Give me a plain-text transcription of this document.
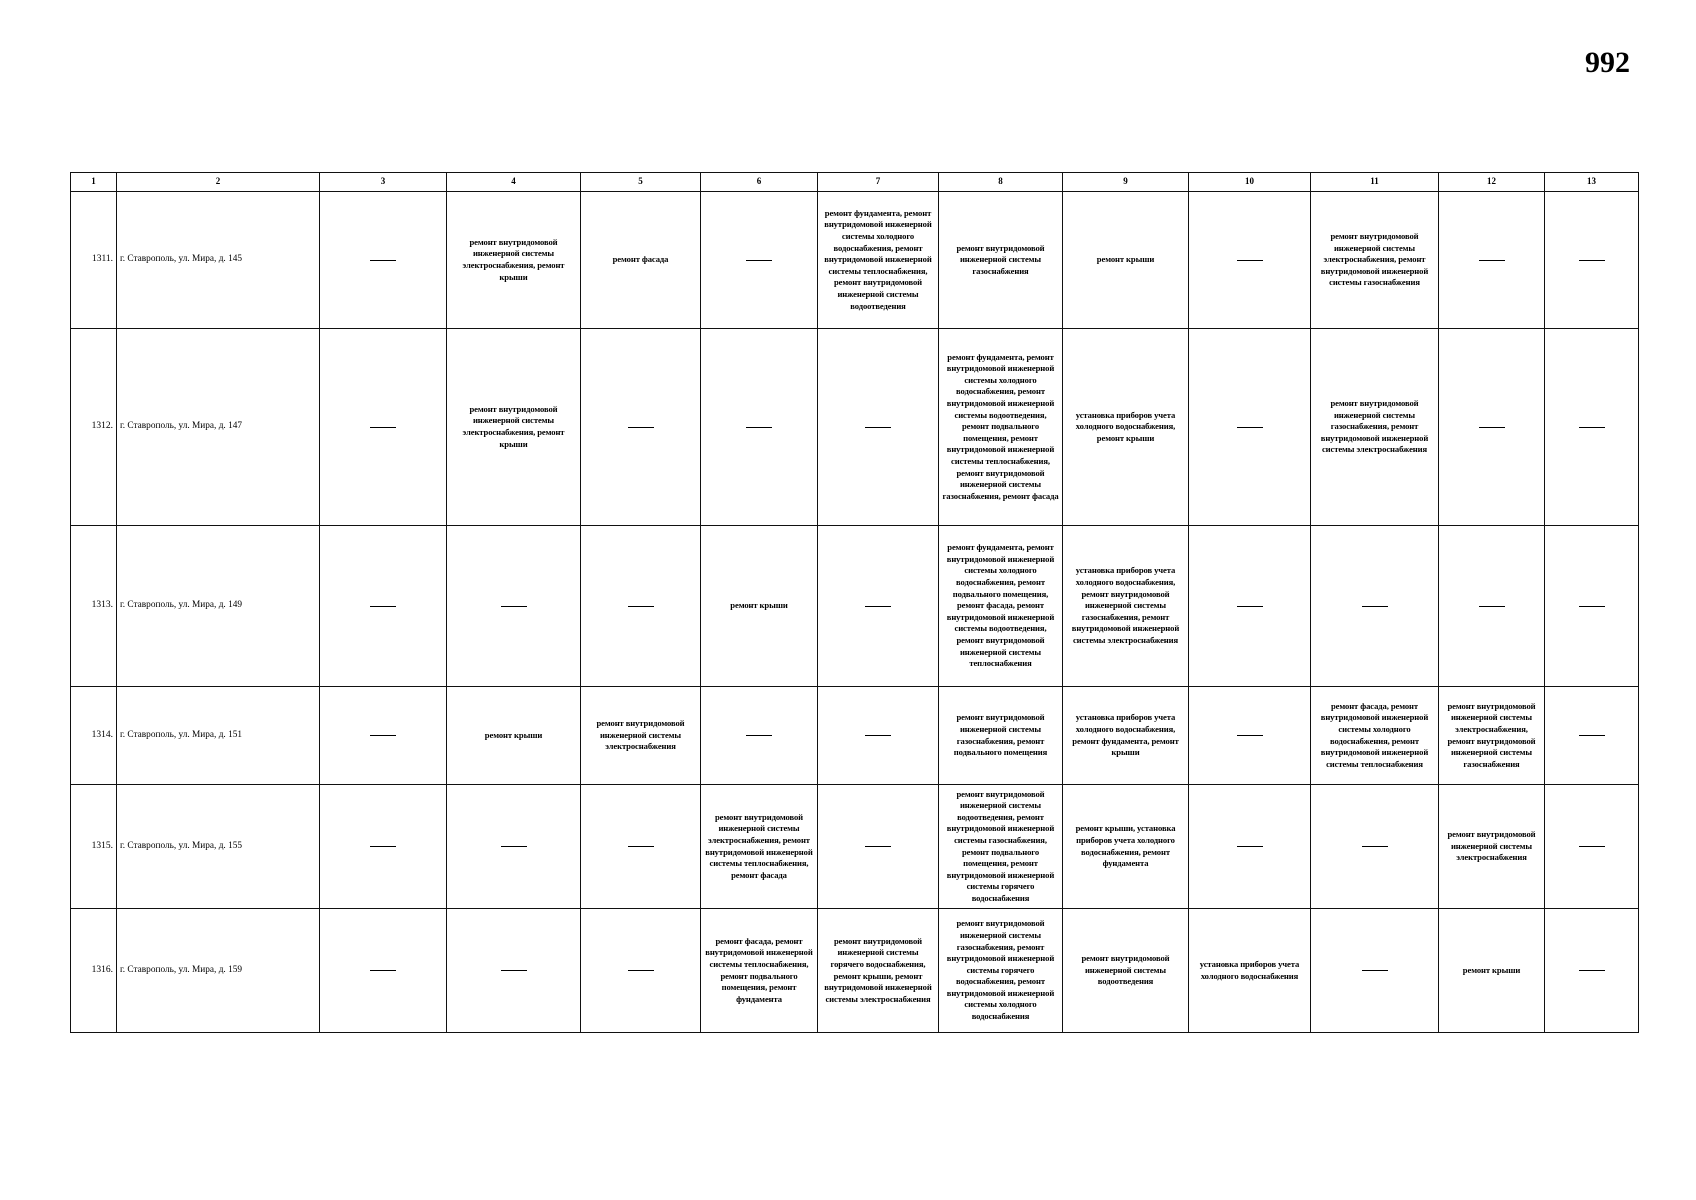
992
1	2	3	4	5	6	7	8	9	10	11	12	13
1311.	г. Ставрополь, ул. Мира, д. 145		ремонт внутридомовой инженерной системы электроснабжения, ремонт крыши	ремонт фасада		ремонт фундамента, ремонт внутридомовой инженерной системы холодного водоснабжения, ремонт внутридомовой инженерной системы теплоснабжения, ремонт внутридомовой инженерной системы водоотведения	ремонт внутридомовой инженерной системы газоснабжения	ремонт крыши		ремонт внутридомовой инженерной системы электроснабжения, ремонт внутридомовой инженерной системы газоснабжения		
1312.	г. Ставрополь, ул. Мира, д. 147		ремонт внутридомовой инженерной системы электроснабжения, ремонт крыши				ремонт фундамента, ремонт внутридомовой инженерной системы холодного водоснабжения, ремонт внутридомовой инженерной системы водоотведения, ремонт подвального помещения, ремонт внутридомовой инженерной системы теплоснабжения, ремонт внутридомовой инженерной системы газоснабжения, ремонт фасада	установка приборов учета холодного водоснабжения, ремонт крыши		ремонт внутридомовой инженерной системы газоснабжения, ремонт внутридомовой инженерной системы электроснабжения		
1313.	г. Ставрополь, ул. Мира, д. 149				ремонт крыши		ремонт фундамента, ремонт внутридомовой инженерной системы холодного водоснабжения, ремонт подвального помещения, ремонт фасада, ремонт внутридомовой инженерной системы водоотведения, ремонт внутридомовой инженерной системы теплоснабжения	установка приборов учета холодного водоснабжения, ремонт внутридомовой инженерной системы газоснабжения, ремонт внутридомовой инженерной системы электроснабжения				
1314.	г. Ставрополь, ул. Мира, д. 151		ремонт крыши	ремонт внутридомовой инженерной системы электроснабжения			ремонт внутридомовой инженерной системы газоснабжения, ремонт подвального помещения	установка приборов учета холодного водоснабжения, ремонт фундамента, ремонт крыши		ремонт фасада, ремонт внутридомовой инженерной системы холодного водоснабжения, ремонт внутридомовой инженерной системы теплоснабжения	ремонт внутридомовой инженерной системы электроснабжения, ремонт внутридомовой инженерной системы газоснабжения	
1315.	г. Ставрополь, ул. Мира, д. 155				ремонт внутридомовой инженерной системы электроснабжения, ремонт внутридомовой инженерной системы теплоснабжения, ремонт фасада		ремонт внутридомовой инженерной системы водоотведения, ремонт внутридомовой инженерной системы газоснабжения, ремонт подвального помещения, ремонт внутридомовой инженерной системы горячего водоснабжения	ремонт крыши, установка приборов учета холодного водоснабжения, ремонт фундамента			ремонт внутридомовой инженерной системы электроснабжения	
1316.	г. Ставрополь, ул. Мира, д. 159				ремонт фасада, ремонт внутридомовой инженерной системы теплоснабжения, ремонт подвального помещения, ремонт фундамента	ремонт внутридомовой инженерной системы горячего водоснабжения, ремонт крыши, ремонт внутридомовой инженерной системы электроснабжения	ремонт внутридомовой инженерной системы газоснабжения, ремонт внутридомовой инженерной системы горячего водоснабжения, ремонт внутридомовой инженерной системы холодного водоснабжения	ремонт внутридомовой инженерной системы водоотведения	установка приборов учета холодного водоснабжения		ремонт крыши	
